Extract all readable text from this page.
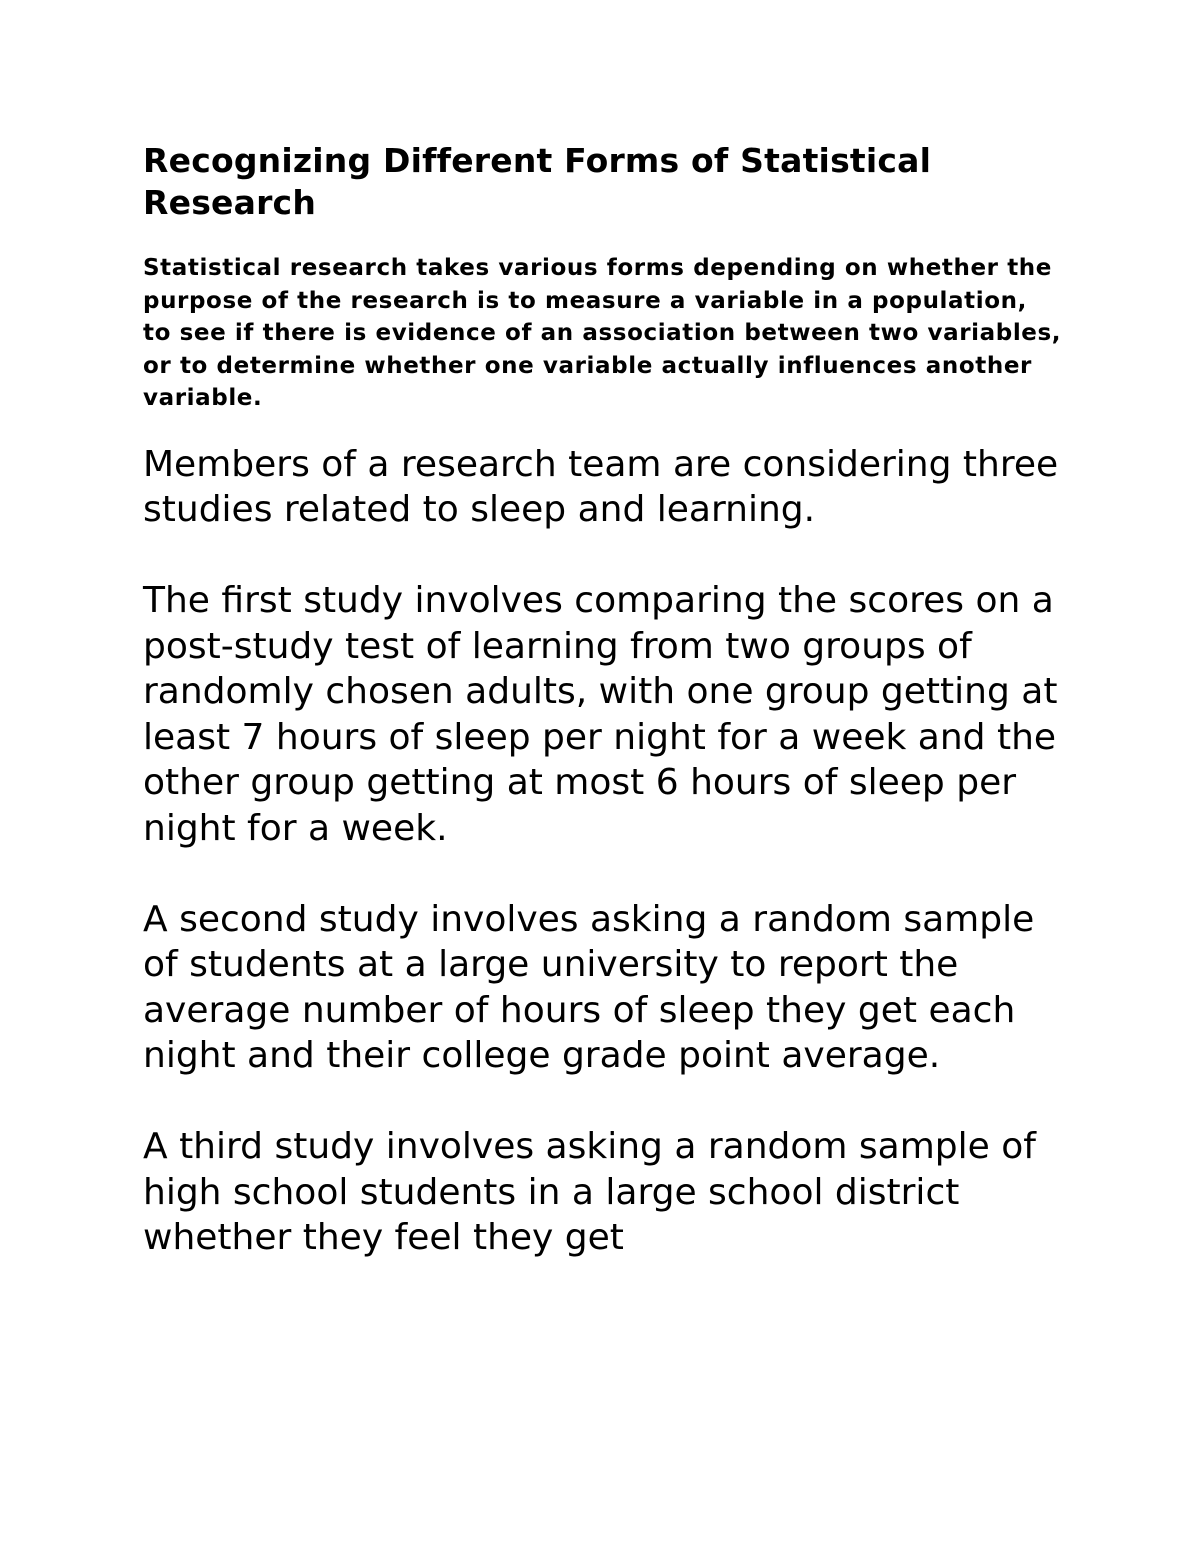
Recognizing Different Forms of Statistical Research

Statistical research takes various forms depending on whether the purpose of the research is to measure a variable in a population, to see if there is evidence of an association between two variables, or to determine whether one variable actually influences another variable.

Members of a research team are considering three studies related to sleep and learning.

The first study involves comparing the scores on a post-study test of learning from two groups of randomly chosen adults, with one group getting at least 7 hours of sleep per night for a week and the other group getting at most 6 hours of sleep per night for a week.

A second study involves asking a random sample of students at a large university to report the average number of hours of sleep they get each night and their college grade point average.

A third study involves asking a random sample of high school students in a large school district whether they feel they get
